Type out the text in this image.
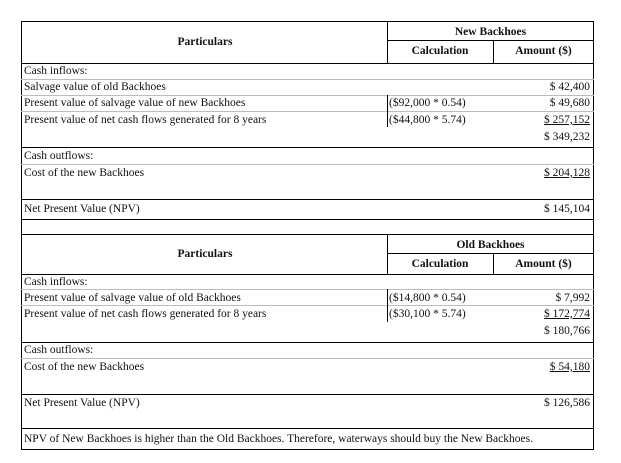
Particulars
New Backhoes
Calculation	Amount ($)
Cash inflows:
Salvage value of old Backhoes	$ 42,400
Present value of salvage value of new Backhoes	($92,000 * 0.54)	$ 49,680
Present value of net cash flows generated for 8 years	($44,800 * 5.74)	$ 257,152
$ 349,232
Cash outflows:
Cost of the new Backhoes	$ 204,128
Net Present Value (NPV)	$ 145,104
Particulars
Old Backhoes
Calculation	Amount ($)
Cash inflows:
Present value of salvage value of old Backhoes	($14,800 * 0.54)	$ 7,992
Present value of net cash flows generated for 8 years	($30,100 * 5.74)	$ 172,774
$ 180,766
Cash outflows:
Cost of the new Backhoes	$ 54,180
Net Present Value (NPV)	$ 126,586
NPV of New Backhoes is higher than the Old Backhoes. Therefore, waterways should buy the New Backhoes.
